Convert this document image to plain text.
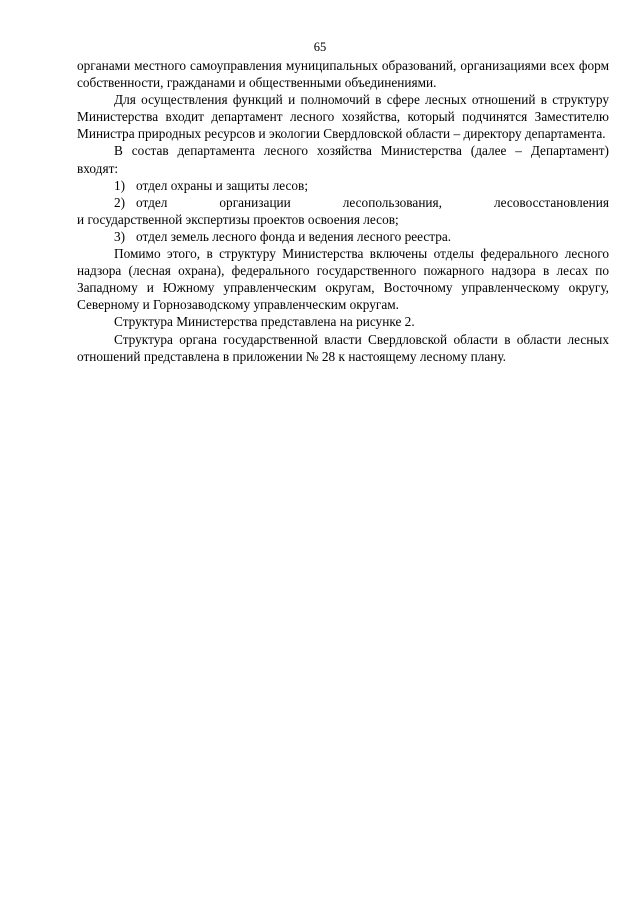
65

органами местного самоуправления муниципальных образований, организациями всех форм собственности, гражданами и общественными объединениями.

Для осуществления функций и полномочий в сфере лесных отношений в структуру Министерства входит департамент лесного хозяйства, который подчинятся Заместителю Министра природных ресурсов и экологии Свердловской области – директору департамента.

В состав департамента лесного хозяйства Министерства (далее – Департамент) входят:

1) отдел охраны и защиты лесов;
2) отдел организации лесопользования, лесовосстановления

и государственной экспертизы проектов освоения лесов;

3) отдел земель лесного фонда и ведения лесного реестра.

Помимо этого, в структуру Министерства включены отделы федерального лесного надзора (лесная охрана), федерального государственного пожарного надзора в лесах по Западному и Южному управленческим округам, Восточному управленческому округу, Северному и Горнозаводскому управленческим округам.

Структура Министерства представлена на рисунке 2.

Структура органа государственной власти Свердловской области в области лесных отношений представлена в приложении № 28 к настоящему лесному плану.
